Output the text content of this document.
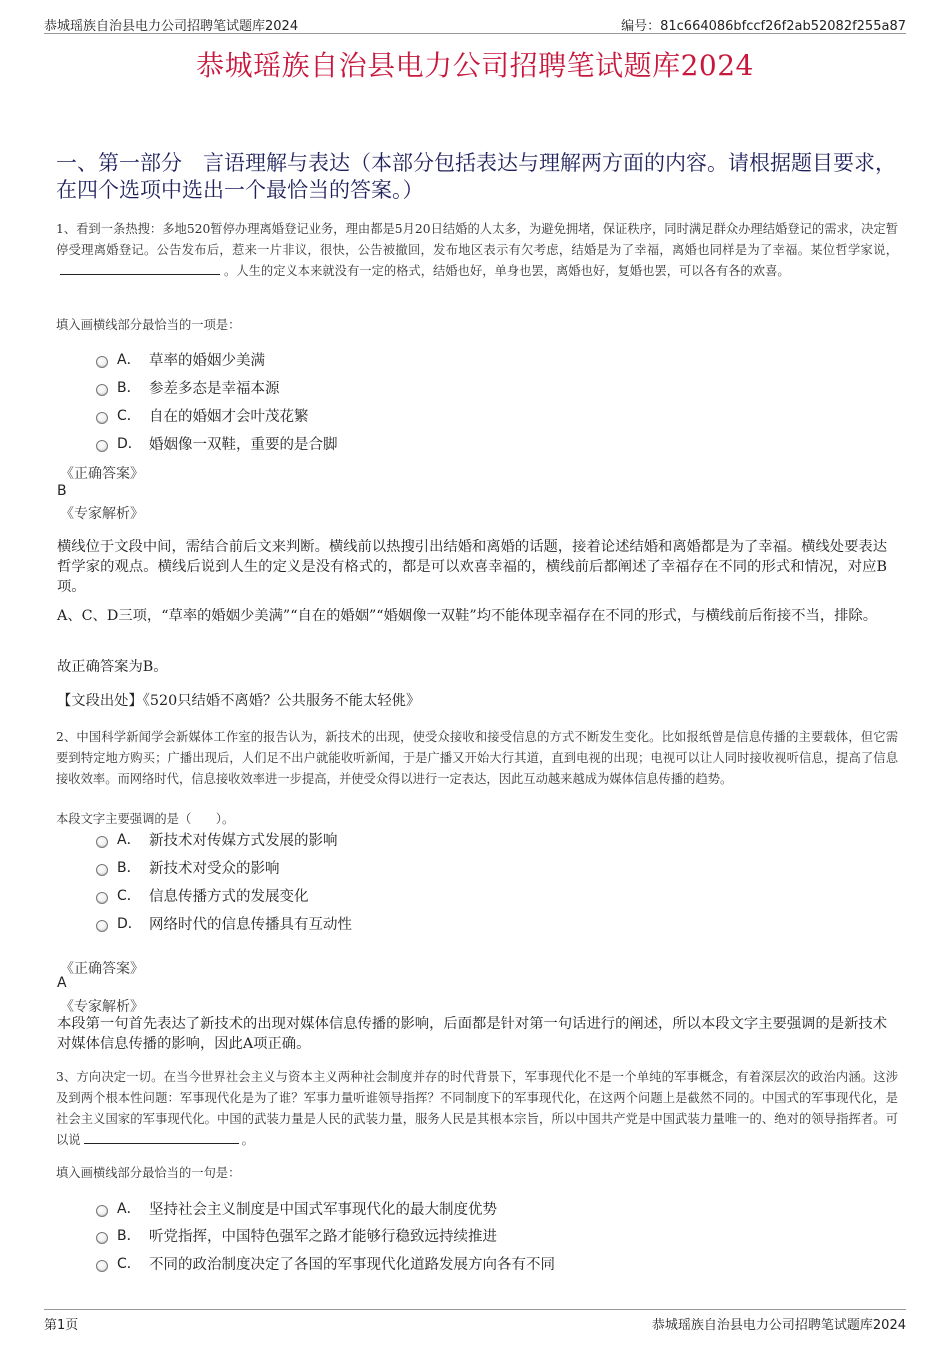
恭城瑶族自治县电力公司招聘笔试题库2024	编号：81c664086bfccf26f2ab52082f255a87
恭城瑶族自治县电力公司招聘笔试题库2024
一、第一部分　言语理解与表达（本部分包括表达与理解两方面的内容。请根据题目要求，在四个选项中选出一个最恰当的答案。）
1、看到一条热搜：多地520暂停办理离婚登记业务，理由都是5月20日结婚的人太多，为避免拥堵，保证秩序，同时满足群众办理结婚登记的需求，决定暂停受理离婚登记。公告发布后，惹来一片非议，很快，公告被撤回，发布地区表示有欠考虑，结婚是为了幸福，离婚也同样是为了幸福。某位哲学家说，。人生的定义本来就没有一定的格式，结婚也好，单身也罢，离婚也好，复婚也罢，可以各有各的欢喜。
填入画横线部分最恰当的一项是：
A． 草率的婚姻少美满
B． 参差多态是幸福本源
C． 自在的婚姻才会叶茂花繁
D． 婚姻像一双鞋，重要的是合脚
《正确答案》
B
《专家解析》
横线位于文段中间，需结合前后文来判断。横线前以热搜引出结婚和离婚的话题，接着论述结婚和离婚都是为了幸福。横线处要表达哲学家的观点。横线后说到人生的定义是没有格式的，都是可以欢喜幸福的，横线前后都阐述了幸福存在不同的形式和情况，对应B项。
A、C、D三项，“草率的婚姻少美满”“自在的婚姻”“婚姻像一双鞋”均不能体现幸福存在不同的形式，与横线前后衔接不当，排除。
故正确答案为B。
【文段出处】《520只结婚不离婚？公共服务不能太轻佻》
2、中国科学新闻学会新媒体工作室的报告认为，新技术的出现，使受众接收和接受信息的方式不断发生变化。比如报纸曾是信息传播的主要载体，但它需要到特定地方购买；广播出现后，人们足不出户就能收听新闻，于是广播又开始大行其道，直到电视的出现；电视可以让人同时接收视听信息，提高了信息接收效率。而网络时代，信息接收效率进一步提高，并使受众得以进行一定表达，因此互动越来越成为媒体信息传播的趋势。
本段文字主要强调的是（　　）。
A． 新技术对传媒方式发展的影响
B． 新技术对受众的影响
C． 信息传播方式的发展变化
D． 网络时代的信息传播具有互动性
《正确答案》
A
《专家解析》
本段第一句首先表达了新技术的出现对媒体信息传播的影响，后面都是针对第一句话进行的阐述，所以本段文字主要强调的是新技术对媒体信息传播的影响，因此A项正确。
3、方向决定一切。在当今世界社会主义与资本主义两种社会制度并存的时代背景下，军事现代化不是一个单纯的军事概念，有着深层次的政治内涵。这涉及到两个根本性问题：军事现代化是为了谁？军事力量听谁领导指挥？不同制度下的军事现代化，在这两个问题上是截然不同的。中国式的军事现代化，是社会主义国家的军事现代化。中国的武装力量是人民的武装力量，服务人民是其根本宗旨，所以中国共产党是中国武装力量唯一的、绝对的领导指挥者。可以说	。
填入画横线部分最恰当的一句是：
A． 坚持社会主义制度是中国式军事现代化的最大制度优势
B． 听党指挥，中国特色强军之路才能够行稳致远持续推进
C． 不同的政治制度决定了各国的军事现代化道路发展方向各有不同
第1页	恭城瑶族自治县电力公司招聘笔试题库2024
